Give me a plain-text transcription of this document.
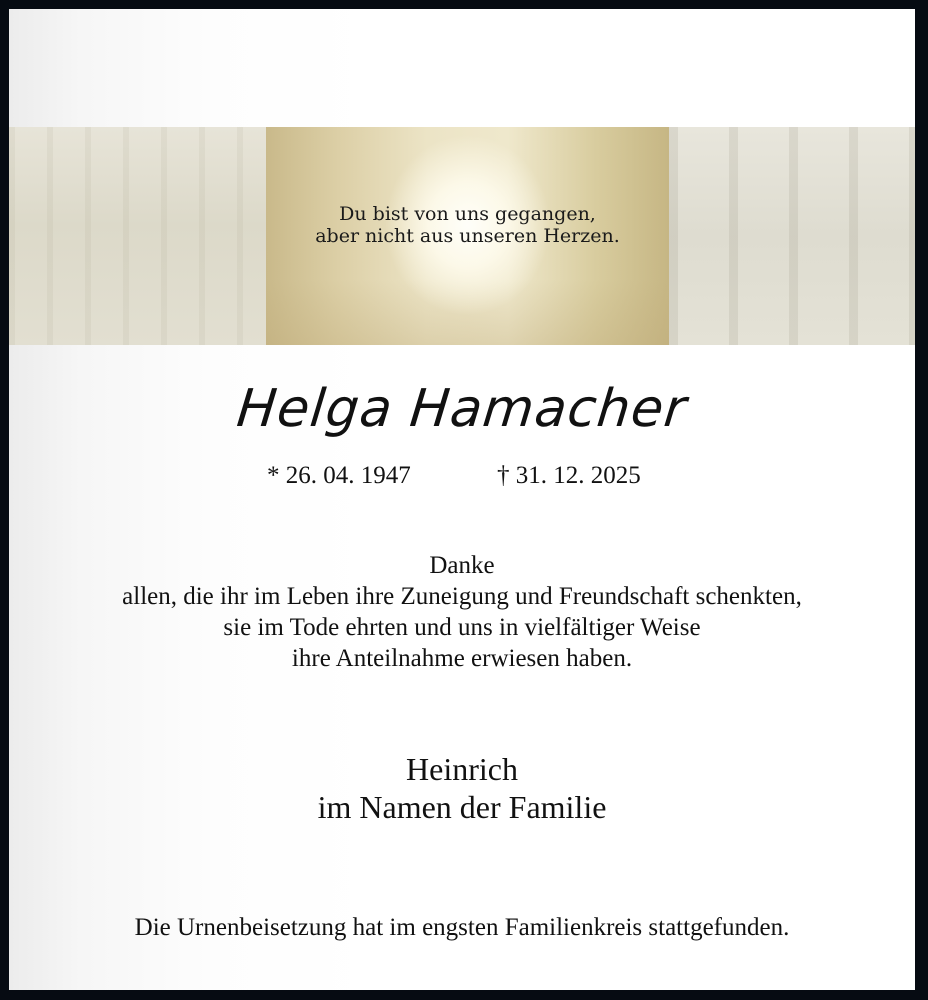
Du bist von uns gegangen,
aber nicht aus unseren Herzen.
Helga Hamacher
* 26. 04. 1947	† 31. 12. 2025
Danke
allen, die ihr im Leben ihre Zuneigung und Freundschaft schenkten,
sie im Tode ehrten und uns in vielfältiger Weise
ihre Anteilnahme erwiesen haben.
Heinrich
im Namen der Familie
Die Urnenbeisetzung hat im engsten Familienkreis stattgefunden.
